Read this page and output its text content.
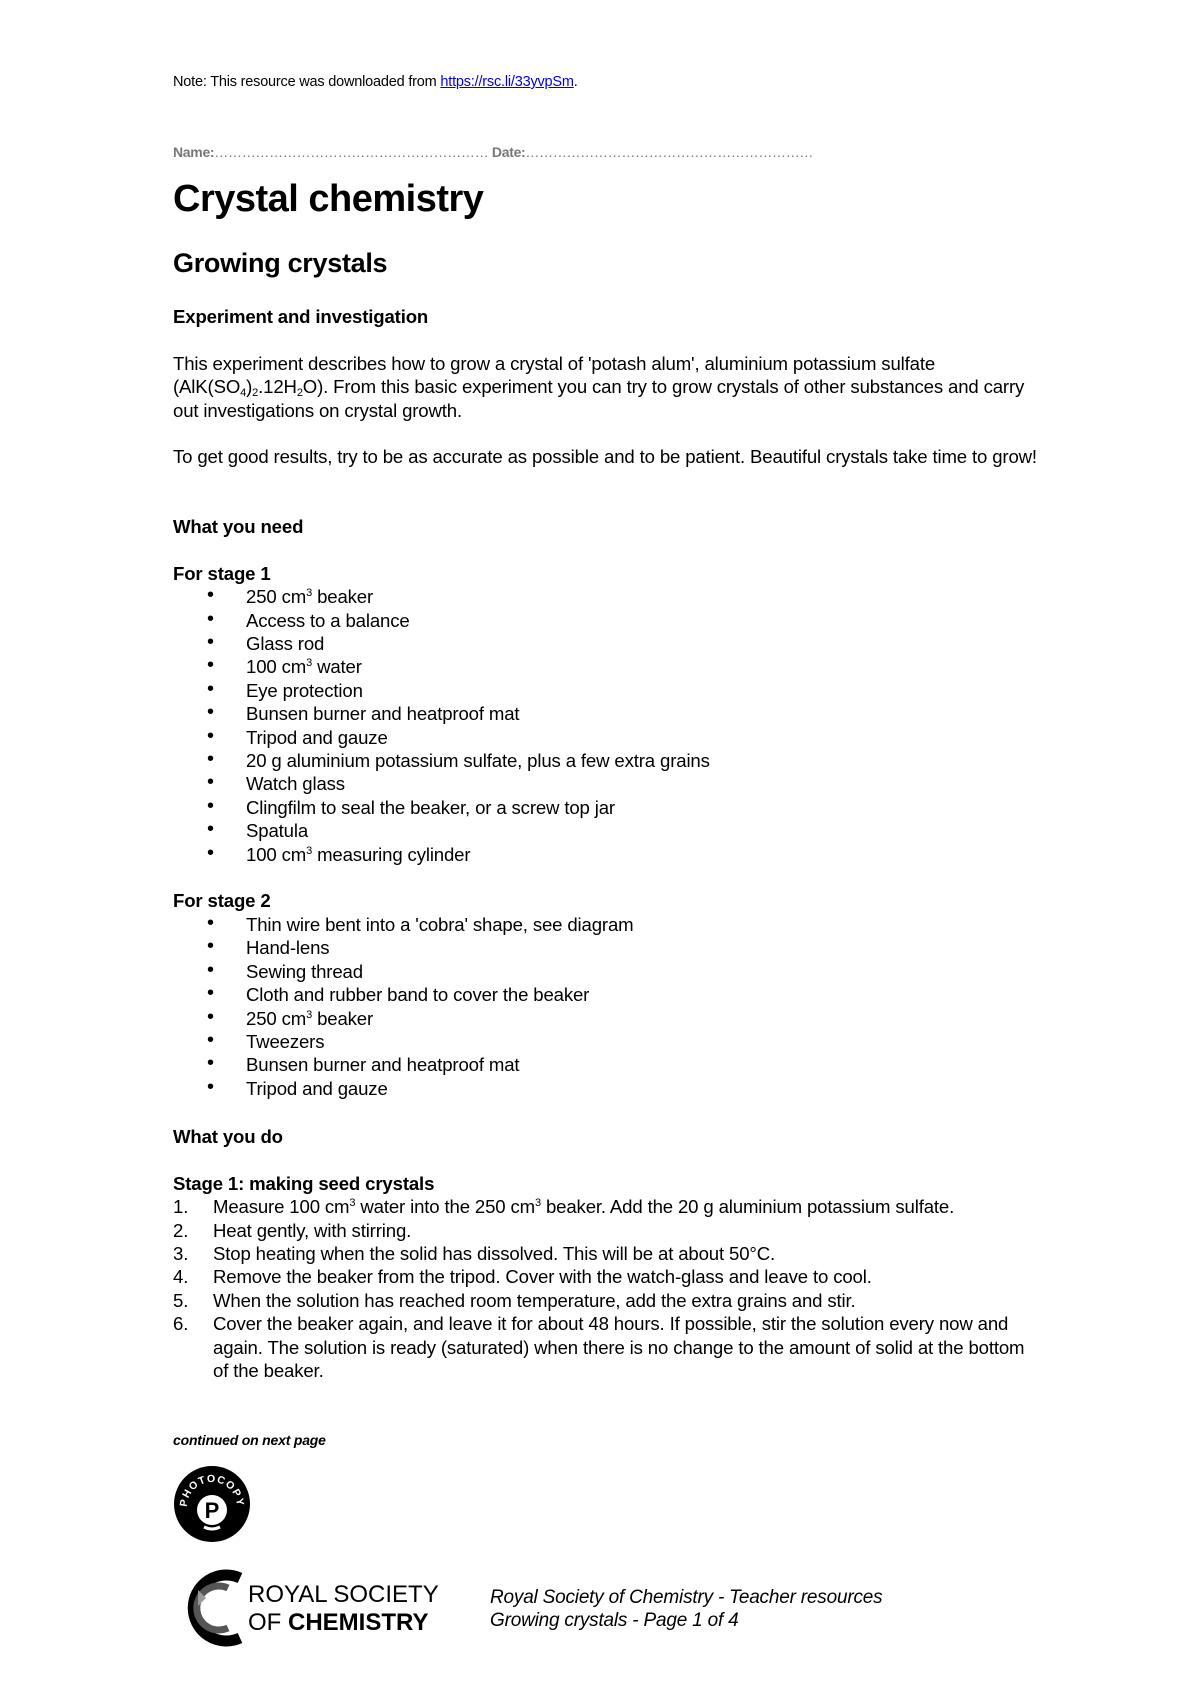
Note: This resource was downloaded from https://rsc.li/33yvpSm.
Name:…………………………………………………… Date:………………………………………………………
Crystal chemistry
Growing crystals
Experiment and investigation
This experiment describes how to grow a crystal of 'potash alum', aluminium potassium sulfate $(AlK(SO_4)_2.12H_2O)$. From this basic experiment you can try to grow crystals of other substances and carry out investigations on crystal growth.
To get good results, try to be as accurate as possible and to be patient. Beautiful crystals take time to grow!
What you need
For stage 1
• 250 $cm^3$ beaker
• Access to a balance
• Glass rod
• 100 $cm^3$ water
• Eye protection
• Bunsen burner and heatproof mat
• Tripod and gauze
• 20 g aluminium potassium sulfate, plus a few extra grains
• Watch glass
• Clingfilm to seal the beaker, or a screw top jar
• Spatula
• 100 $cm^3$ measuring cylinder
For stage 2
• Thin wire bent into a 'cobra' shape, see diagram
• Hand-lens
• Sewing thread
• Cloth and rubber band to cover the beaker
• 250 $cm^3$ beaker
• Tweezers
• Bunsen burner and heatproof mat
• Tripod and gauze
What you do
Stage 1: making seed crystals
1. Measure 100 $cm^3$ water into the 250 $cm^3$ beaker. Add the 20 g aluminium potassium sulfate.
2. Heat gently, with stirring.
3. Stop heating when the solid has dissolved. This will be at about 50°C.
4. Remove the beaker from the tripod. Cover with the watch-glass and leave to cool.
5. When the solution has reached room temperature, add the extra grains and stir.
6. Cover the beaker again, and leave it for about 48 hours. If possible, stir the solution every now and again. The solution is ready (saturated) when there is no change to the amount of solid at the bottom of the beaker.
continued on next page
PHOTOCOPY
P
ROYAL SOCIETY
OF CHEMISTRY
Royal Society of Chemistry - Teacher resources
Growing crystals - Page 1 of 4
